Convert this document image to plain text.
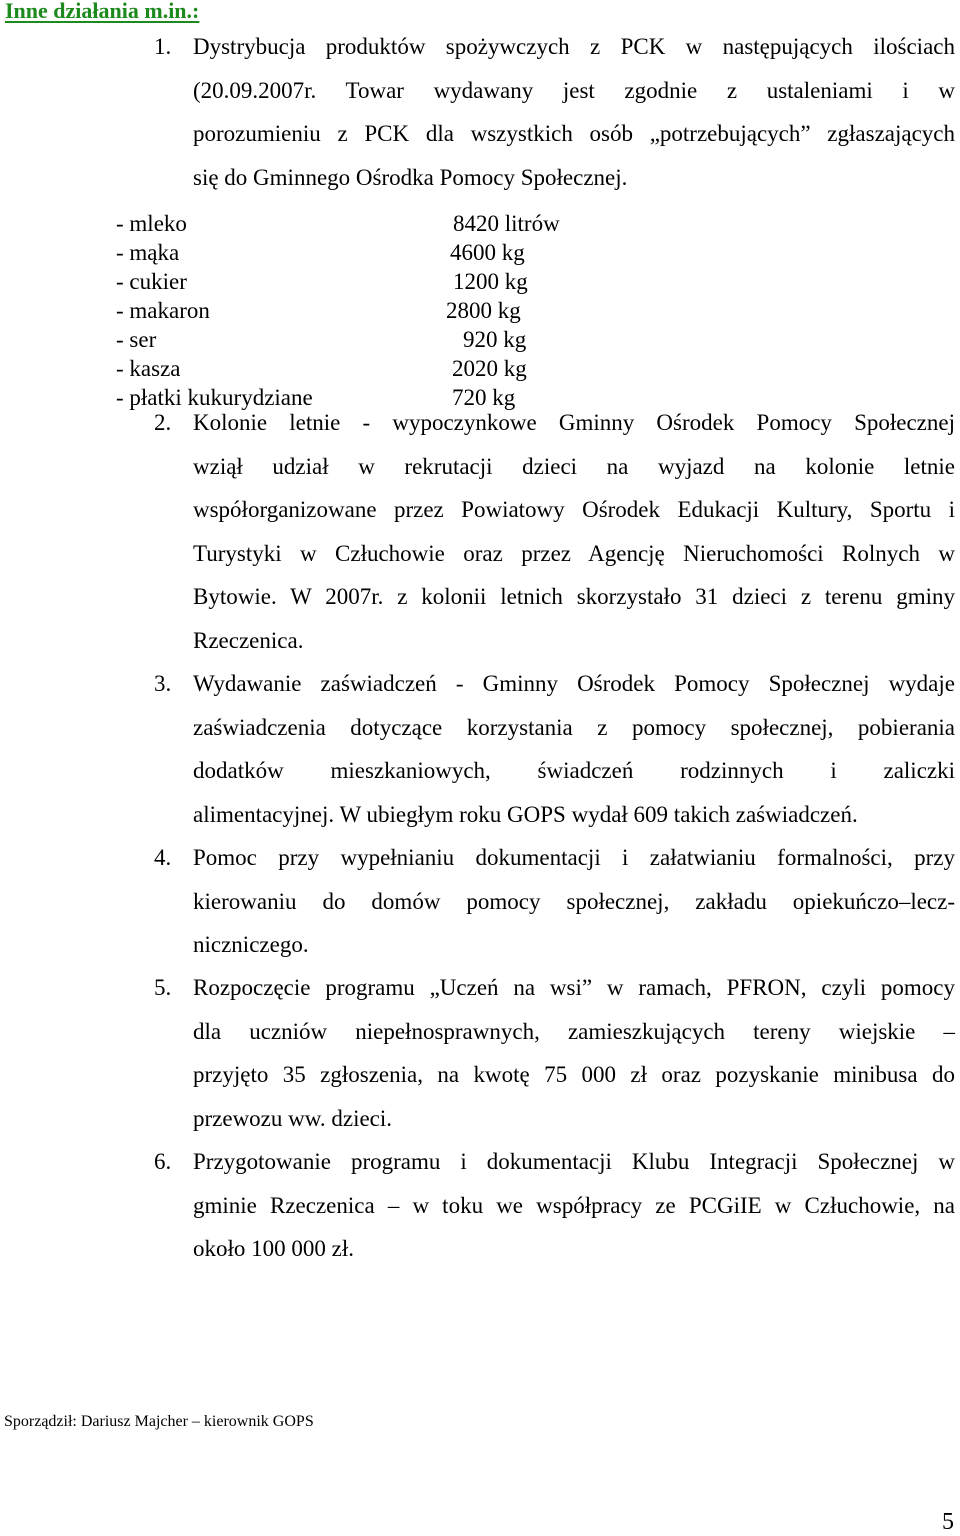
Inne działania m.in.:
1. Dystrybucja produktów spożywczych z PCK w następujących ilościach
(20.09.2007r. Towar wydawany jest zgodnie z ustaleniami i w
porozumieniu z PCK dla wszystkich osób „potrzebujących” zgłaszających
się do Gminnego Ośrodka Pomocy Społecznej.
2. Kolonie letnie - wypoczynkowe Gminny Ośrodek Pomocy Społecznej
wziął udział w rekrutacji dzieci na wyjazd na kolonie letnie
współorganizowane przez Powiatowy Ośrodek Edukacji Kultury, Sportu i
Turystyki w Człuchowie oraz przez Agencję Nieruchomości Rolnych w
Bytowie. W 2007r. z kolonii letnich skorzystało 31 dzieci z terenu gminy
Rzeczenica.
3. Wydawanie zaświadczeń - Gminny Ośrodek Pomocy Społecznej wydaje
zaświadczenia dotyczące korzystania z pomocy społecznej, pobierania
dodatków mieszkaniowych, świadczeń rodzinnych i zaliczki
alimentacyjnej. W ubiegłym roku GOPS wydał 609 takich zaświadczeń.
4. Pomoc przy wypełnianiu dokumentacji i załatwianiu formalności, przy
kierowaniu do domów pomocy społecznej, zakładu opiekuńczo–lecz-
niczniczego.
5. Rozpoczęcie programu „Uczeń na wsi” w ramach, PFRON, czyli pomocy
dla uczniów niepełnosprawnych, zamieszkujących tereny wiejskie –
przyjęto 35 zgłoszenia, na kwotę 75 000 zł oraz pozyskanie minibusa do
przewozu ww. dzieci.
6. Przygotowanie programu i dokumentacji Klubu Integracji Społecznej w
gminie Rzeczenica – w toku we współpracy ze PCGiIE w Człuchowie, na
około 100 000 zł.
- mleko	8420 litrów
- mąka	4600 kg
- cukier	1200 kg
- makaron	2800 kg
- ser	920 kg
- kasza	2020 kg
- płatki kukurydziane	720 kg
Sporządził: Dariusz Majcher – kierownik GOPS
5
